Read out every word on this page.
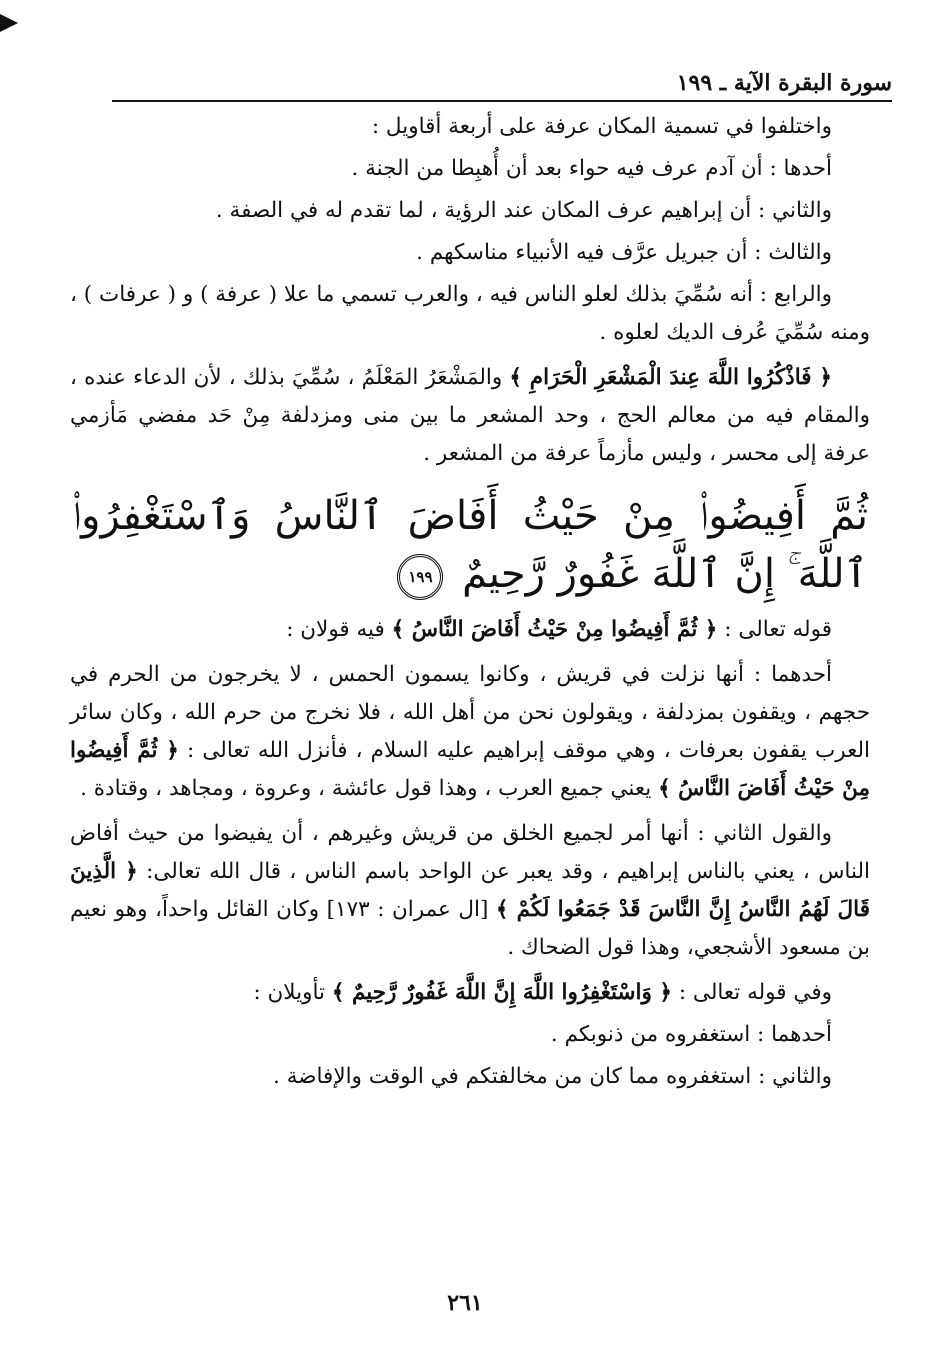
سورة البقرة الآية ـ ١٩٩

واختلفوا في تسمية المكان عرفة على أربعة أقاويل :

أحدها : أن آدم عرف فيه حواء بعد أن أُهبِطا من الجنة .

والثاني : أن إبراهيم عرف المكان عند الرؤية ، لما تقدم له في الصفة .

والثالث : أن جبريل عرَّف فيه الأنبياء مناسكهم .

والرابع : أنه سُمِّيَ بذلك لعلو الناس فيه ، والعرب تسمي ما علا ( عرفة ) و ( عرفات ) ، ومنه سُمِّيَ عُرف الديك لعلوه .

﴿ فَاذْكُرُوا اللَّهَ عِندَ الْمَشْعَرِ الْحَرَامِ ﴾ والمَشْعَرُ المَعْلَمُ ، سُمِّيَ بذلك ، لأن الدعاء عنده ، والمقام فيه من معالم الحج ، وحد المشعر ما بين منى ومزدلفة مِنْ حَد مفضي مَأزمي عرفة إلى محسر ، وليس مأزماً عرفة من المشعر .

ثُمَّ أَفِيضُوا۟ مِنْ حَيْثُ أَفَاضَ ٱلنَّاسُ وَٱسْتَغْفِرُوا۟ ٱللَّهَ ۚ إِنَّ ٱللَّهَ غَفُورٌ رَّحِيمٌ ١٩٩

قوله تعالى : ﴿ ثُمَّ أَفِيضُوا مِنْ حَيْثُ أَفَاضَ النَّاسُ ﴾ فيه قولان :

أحدهما : أنها نزلت في قريش ، وكانوا يسمون الحمس ، لا يخرجون من الحرم في حجهم ، ويقفون بمزدلفة ، ويقولون نحن من أهل الله ، فلا نخرج من حرم الله ، وكان سائر العرب يقفون بعرفات ، وهي موقف إبراهيم عليه السلام ، فأنزل الله تعالى : ﴿ ثُمَّ أَفِيضُوا مِنْ حَيْثُ أَفَاضَ النَّاسُ ﴾ يعني جميع العرب ، وهذا قول عائشة ، وعروة ، ومجاهد ، وقتادة .

والقول الثاني : أنها أمر لجميع الخلق من قريش وغيرهم ، أن يفيضوا من حيث أفاض الناس ، يعني بالناس إبراهيم ، وقد يعبر عن الواحد باسم الناس ، قال الله تعالى: ﴿ الَّذِينَ قَالَ لَهُمُ النَّاسُ إِنَّ النَّاسَ قَدْ جَمَعُوا لَكُمْ ﴾ [ال عمران : ١٧٣] وكان القائل واحداً، وهو نعيم بن مسعود الأشجعي، وهذا قول الضحاك .

وفي قوله تعالى : ﴿ وَاسْتَغْفِرُوا اللَّهَ إِنَّ اللَّهَ غَفُورٌ رَّحِيمٌ ﴾ تأويلان :

أحدهما : استغفروه من ذنوبكم .

والثاني : استغفروه مما كان من مخالفتكم في الوقت والإفاضة .

٢٦١
